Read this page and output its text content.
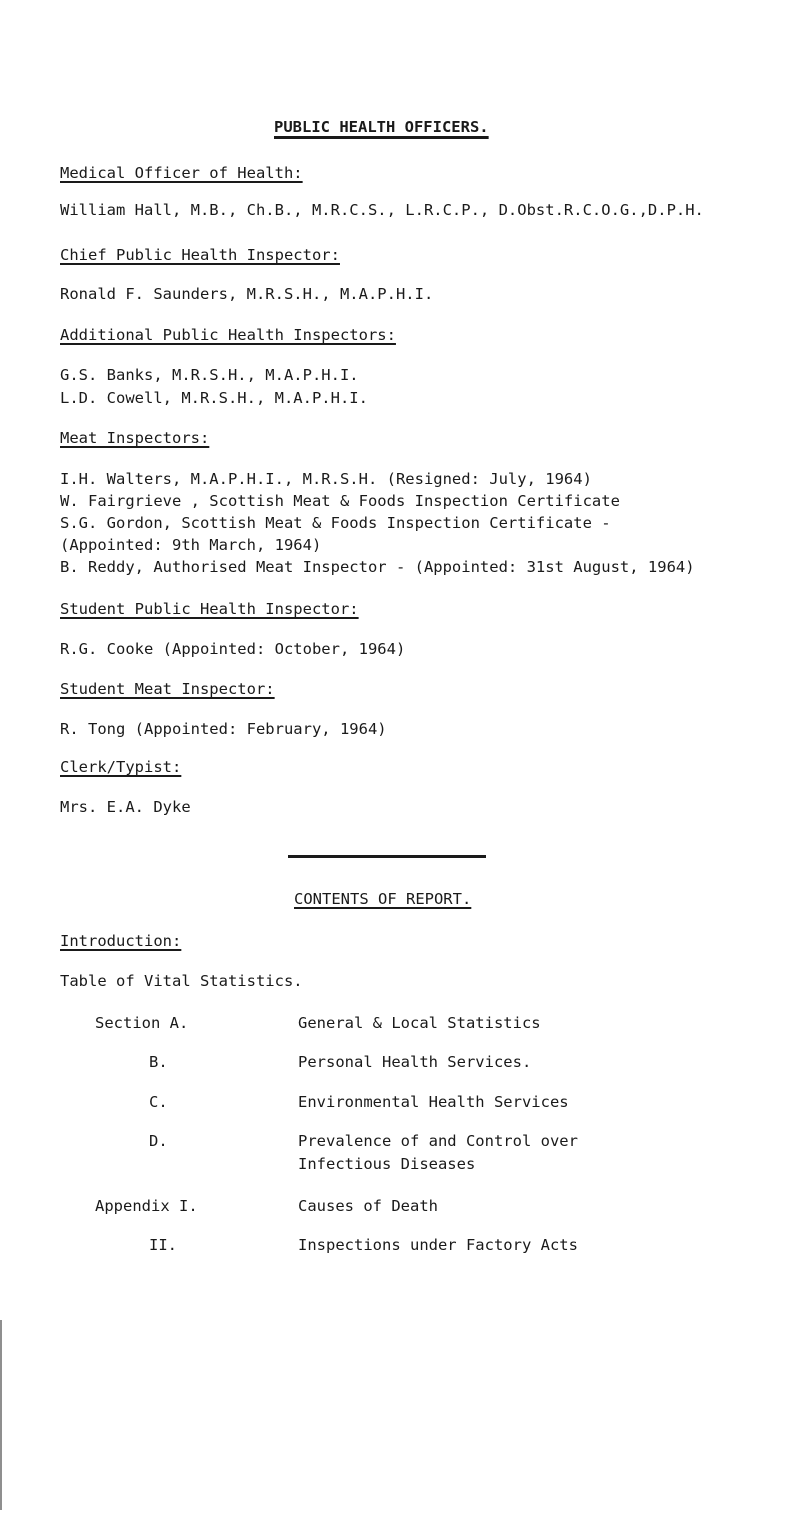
PUBLIC HEALTH OFFICERS.
Medical Officer of Health:
William Hall, M.B., Ch.B., M.R.C.S., L.R.C.P., D.Obst.R.C.O.G.,D.P.H.
Chief Public Health Inspector:
Ronald F. Saunders, M.R.S.H., M.A.P.H.I.
Additional Public Health Inspectors:
G.S. Banks, M.R.S.H., M.A.P.H.I.
L.D. Cowell, M.R.S.H., M.A.P.H.I.
Meat Inspectors:
I.H. Walters, M.A.P.H.I., M.R.S.H. (Resigned: July, 1964)
W. Fairgrieve , Scottish Meat & Foods Inspection Certificate
S.G. Gordon, Scottish Meat & Foods Inspection Certificate -
(Appointed: 9th March, 1964)
B. Reddy, Authorised Meat Inspector - (Appointed: 31st August, 1964)
Student Public Health Inspector:
R.G. Cooke (Appointed: October, 1964)
Student Meat Inspector:
R. Tong (Appointed: February, 1964)
Clerk/Typist:
Mrs. E.A. Dyke
CONTENTS OF REPORT.
Introduction:
Table of Vital Statistics.
Section A.	General & Local Statistics
B.	Personal Health Services.
C.	Environmental Health Services
D.	Prevalence of and Control over
Infectious Diseases
Appendix I.	Causes of Death
II.	Inspections under Factory Acts
